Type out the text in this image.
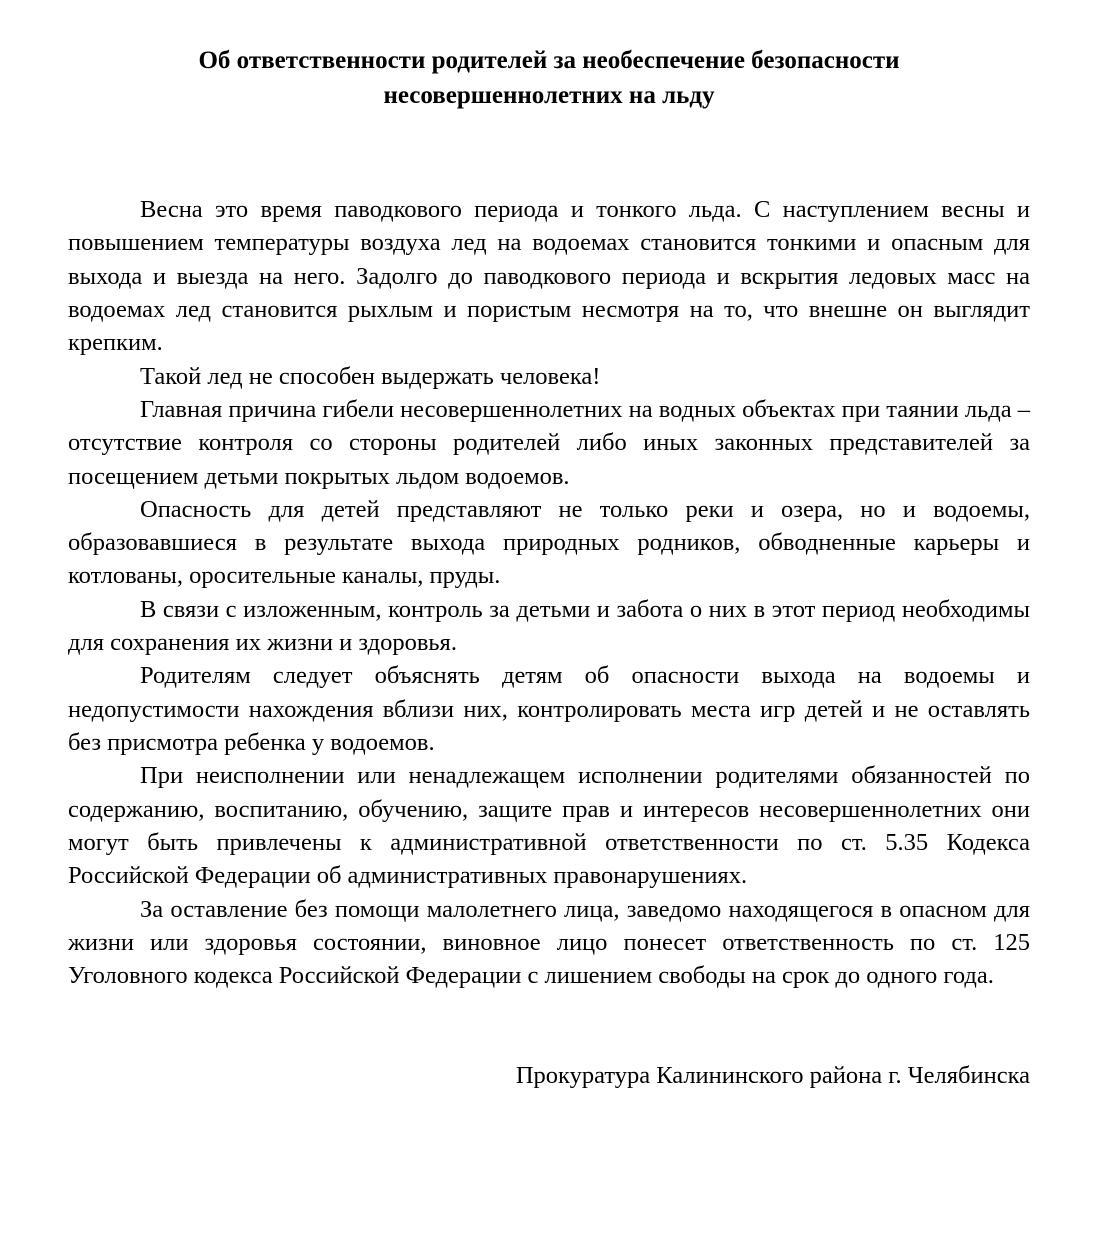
Об ответственности родителей за необеспечение безопасности несовершеннолетних на льду

Весна это время паводкового периода и тонкого льда. С наступлением весны и повышением температуры воздуха лед на водоемах становится тонкими и опасным для выхода и выезда на него. Задолго до паводкового периода и вскрытия ледовых масс на водоемах лед становится рыхлым и пористым несмотря на то, что внешне он выглядит крепким.

Такой лед не способен выдержать человека!

Главная причина гибели несовершеннолетних на водных объектах при таянии льда – отсутствие контроля со стороны родителей либо иных законных представителей за посещением детьми покрытых льдом водоемов.

Опасность для детей представляют не только реки и озера, но и водоемы, образовавшиеся в результате выхода природных родников, обводненные карьеры и котлованы, оросительные каналы, пруды.

В связи с изложенным, контроль за детьми и забота о них в этот период необходимы для сохранения их жизни и здоровья.

Родителям следует объяснять детям об опасности выхода на водоемы и недопустимости нахождения вблизи них, контролировать места игр детей и не оставлять без присмотра ребенка у водоемов.

При неисполнении или ненадлежащем исполнении родителями обязанностей по содержанию, воспитанию, обучению, защите прав и интересов несовершеннолетних они могут быть привлечены к административной ответственности по ст. 5.35 Кодекса Российской Федерации об административных правонарушениях.

За оставление без помощи малолетнего лица, заведомо находящегося в опасном для жизни или здоровья состоянии, виновное лицо понесет ответственность по ст. 125 Уголовного кодекса Российской Федерации с лишением свободы на срок до одного года.

Прокуратура Калининского района г. Челябинска
